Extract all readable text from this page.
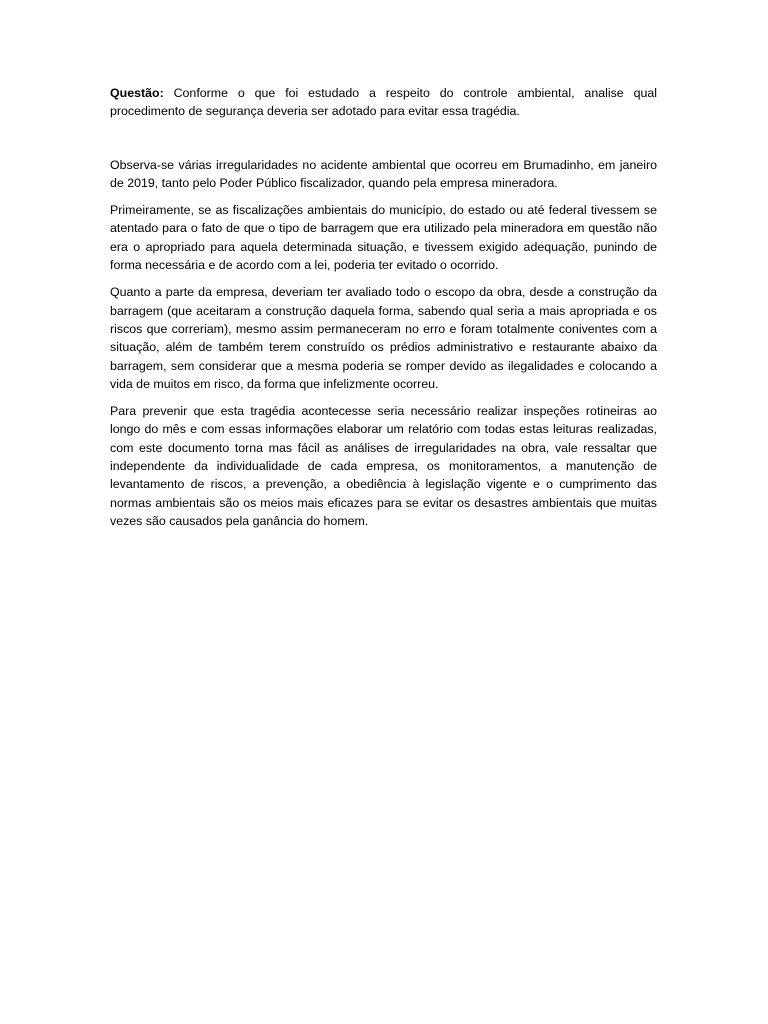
Questão: Conforme o que foi estudado a respeito do controle ambiental, analise qual procedimento de segurança deveria ser adotado para evitar essa tragédia.

Observa-se várias irregularidades no acidente ambiental que ocorreu em Brumadinho, em janeiro de 2019, tanto pelo Poder Público fiscalizador, quando pela empresa mineradora.

Primeiramente, se as fiscalizações ambientais do município, do estado ou até federal tivessem se atentado para o fato de que o tipo de barragem que era utilizado pela mineradora em questão não era o apropriado para aquela determinada situação, e tivessem exigido adequação, punindo de forma necessária e de acordo com a lei, poderia ter evitado o ocorrido.

Quanto a parte da empresa, deveriam ter avaliado todo o escopo da obra, desde a construção da barragem (que aceitaram a construção daquela forma, sabendo qual seria a mais apropriada e os riscos que correriam), mesmo assim permaneceram no erro e foram totalmente coniventes com a situação, além de também terem construído os prédios administrativo e restaurante abaixo da barragem, sem considerar que a mesma poderia se romper devido as ilegalidades e colocando a vida de muitos em risco, da forma que infelizmente ocorreu.

Para prevenir que esta tragédia acontecesse seria necessário realizar inspeções rotineiras ao longo do mês e com essas informações elaborar um relatório com todas estas leituras realizadas, com este documento torna mas fácil as análises de irregularidades na obra, vale ressaltar que independente da individualidade de cada empresa, os monitoramentos, a manutenção de levantamento de riscos, a prevenção, a obediência à legislação vigente e o cumprimento das normas ambientais são os meios mais eficazes para se evitar os desastres ambientais que muitas vezes são causados pela ganância do homem.
